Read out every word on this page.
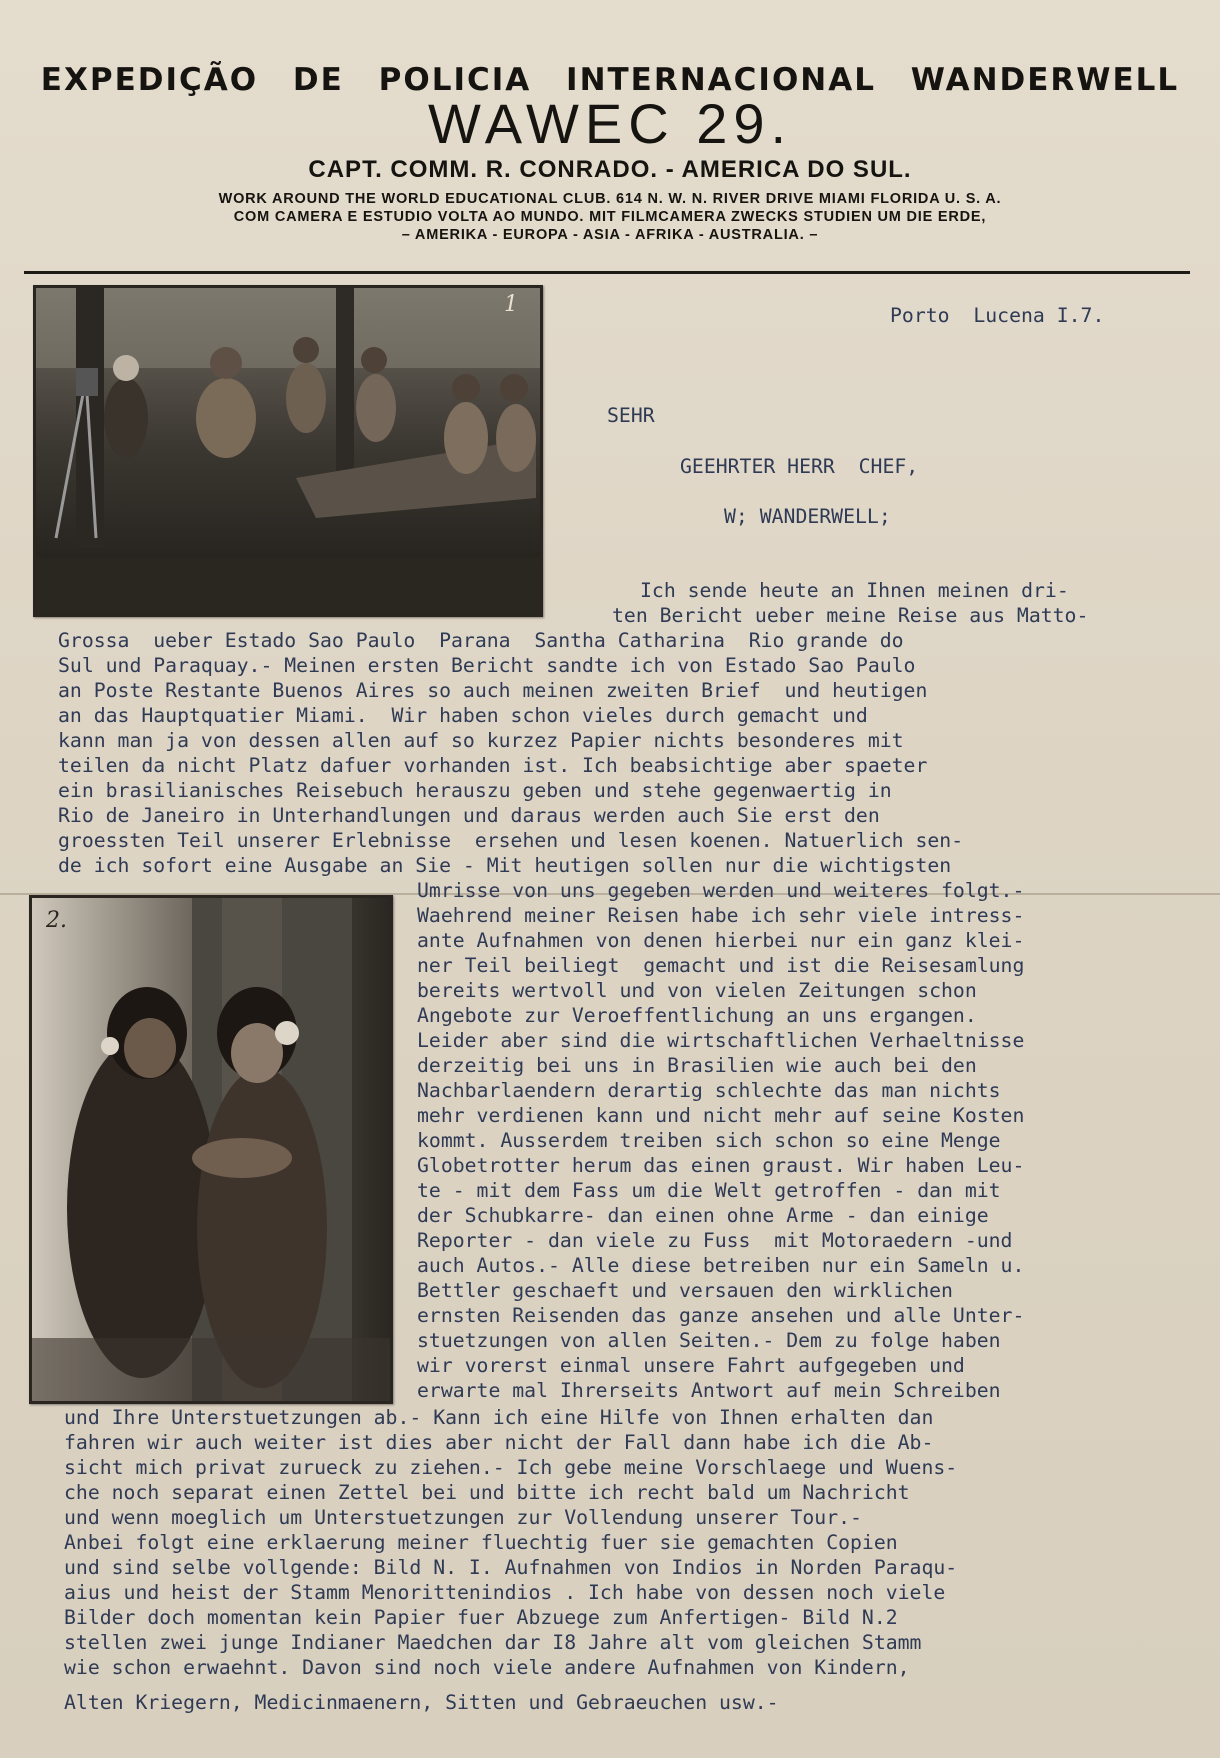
EXPEDIÇÃO DE POLICIA INTERNACIONAL WANDERWELL

WAWEC 29.

CAPT. COMM. R. CONRADO. - AMERICA DO SUL.

WORK AROUND THE WORLD EDUCATIONAL CLUB. 614 N. W. N. RIVER DRIVE MIAMI FLORIDA U. S. A.

COM CAMERA E ESTUDIO VOLTA AO MUNDO. MIT FILMCAMERA ZWECKS STUDIEN UM DIE ERDE,

– AMERIKA - EUROPA - ASIA - AFRIKA - AUSTRALIA. –

1
2.
Porto  Lucena I.7.
SEHR
GEEHRTER HERR  CHEF,
W; WANDERWELL;

Ich sende heute an Ihnen meinen dri-

ten Bericht ueber meine Reise aus Matto-

Grossa  ueber Estado Sao Paulo  Parana  Santha Catharina  Rio grande do

Sul und Paraquay.- Meinen ersten Bericht sandte ich von Estado Sao Paulo

an Poste Restante Buenos Aires so auch meinen zweiten Brief  und heutigen

an das Hauptquatier Miami.  Wir haben schon vieles durch gemacht und

kann man ja von dessen allen auf so kurzez Papier nichts besonderes mit

teilen da nicht Platz dafuer vorhanden ist. Ich beabsichtige aber spaeter

ein brasilianisches Reisebuch herauszu geben und stehe gegenwaertig in

Rio de Janeiro in Unterhandlungen und daraus werden auch Sie erst den

groessten Teil unserer Erlebnisse  ersehen und lesen koenen. Natuerlich sen-

de ich sofort eine Ausgabe an Sie - Mit heutigen sollen nur die wichtigsten

Umrisse von uns gegeben werden und weiteres folgt.-

Waehrend meiner Reisen habe ich sehr viele intress-

ante Aufnahmen von denen hierbei nur ein ganz klei-

ner Teil beiliegt  gemacht und ist die Reisesamlung

bereits wertvoll und von vielen Zeitungen schon

Angebote zur Veroeffentlichung an uns ergangen.

Leider aber sind die wirtschaftlichen Verhaeltnisse

derzeitig bei uns in Brasilien wie auch bei den

Nachbarlaendern derartig schlechte das man nichts

mehr verdienen kann und nicht mehr auf seine Kosten

kommt. Ausserdem treiben sich schon so eine Menge

Globetrotter herum das einen graust. Wir haben Leu-

te - mit dem Fass um die Welt getroffen - dan mit

der Schubkarre- dan einen ohne Arme - dan einige

Reporter - dan viele zu Fuss  mit Motoraedern -und

auch Autos.- Alle diese betreiben nur ein Sameln u.

Bettler geschaeft und versauen den wirklichen

ernsten Reisenden das ganze ansehen und alle Unter-

stuetzungen von allen Seiten.- Dem zu folge haben

wir vorerst einmal unsere Fahrt aufgegeben und

erwarte mal Ihrerseits Antwort auf mein Schreiben

und Ihre Unterstuetzungen ab.- Kann ich eine Hilfe von Ihnen erhalten dan

fahren wir auch weiter ist dies aber nicht der Fall dann habe ich die Ab-

sicht mich privat zurueck zu ziehen.- Ich gebe meine Vorschlaege und Wuens-

che noch separat einen Zettel bei und bitte ich recht bald um Nachricht

und wenn moeglich um Unterstuetzungen zur Vollendung unserer Tour.-

Anbei folgt eine erklaerung meiner fluechtig fuer sie gemachten Copien

und sind selbe vollgende: Bild N. I. Aufnahmen von Indios in Norden Paraqu-

aius und heist der Stamm Menorittenindios . Ich habe von dessen noch viele

Bilder doch momentan kein Papier fuer Abzuege zum Anfertigen- Bild N.2

stellen zwei junge Indianer Maedchen dar I8 Jahre alt vom gleichen Stamm

wie schon erwaehnt. Davon sind noch viele andere Aufnahmen von Kindern,

Alten Kriegern, Medicinmaenern, Sitten und Gebraeuchen usw.-
